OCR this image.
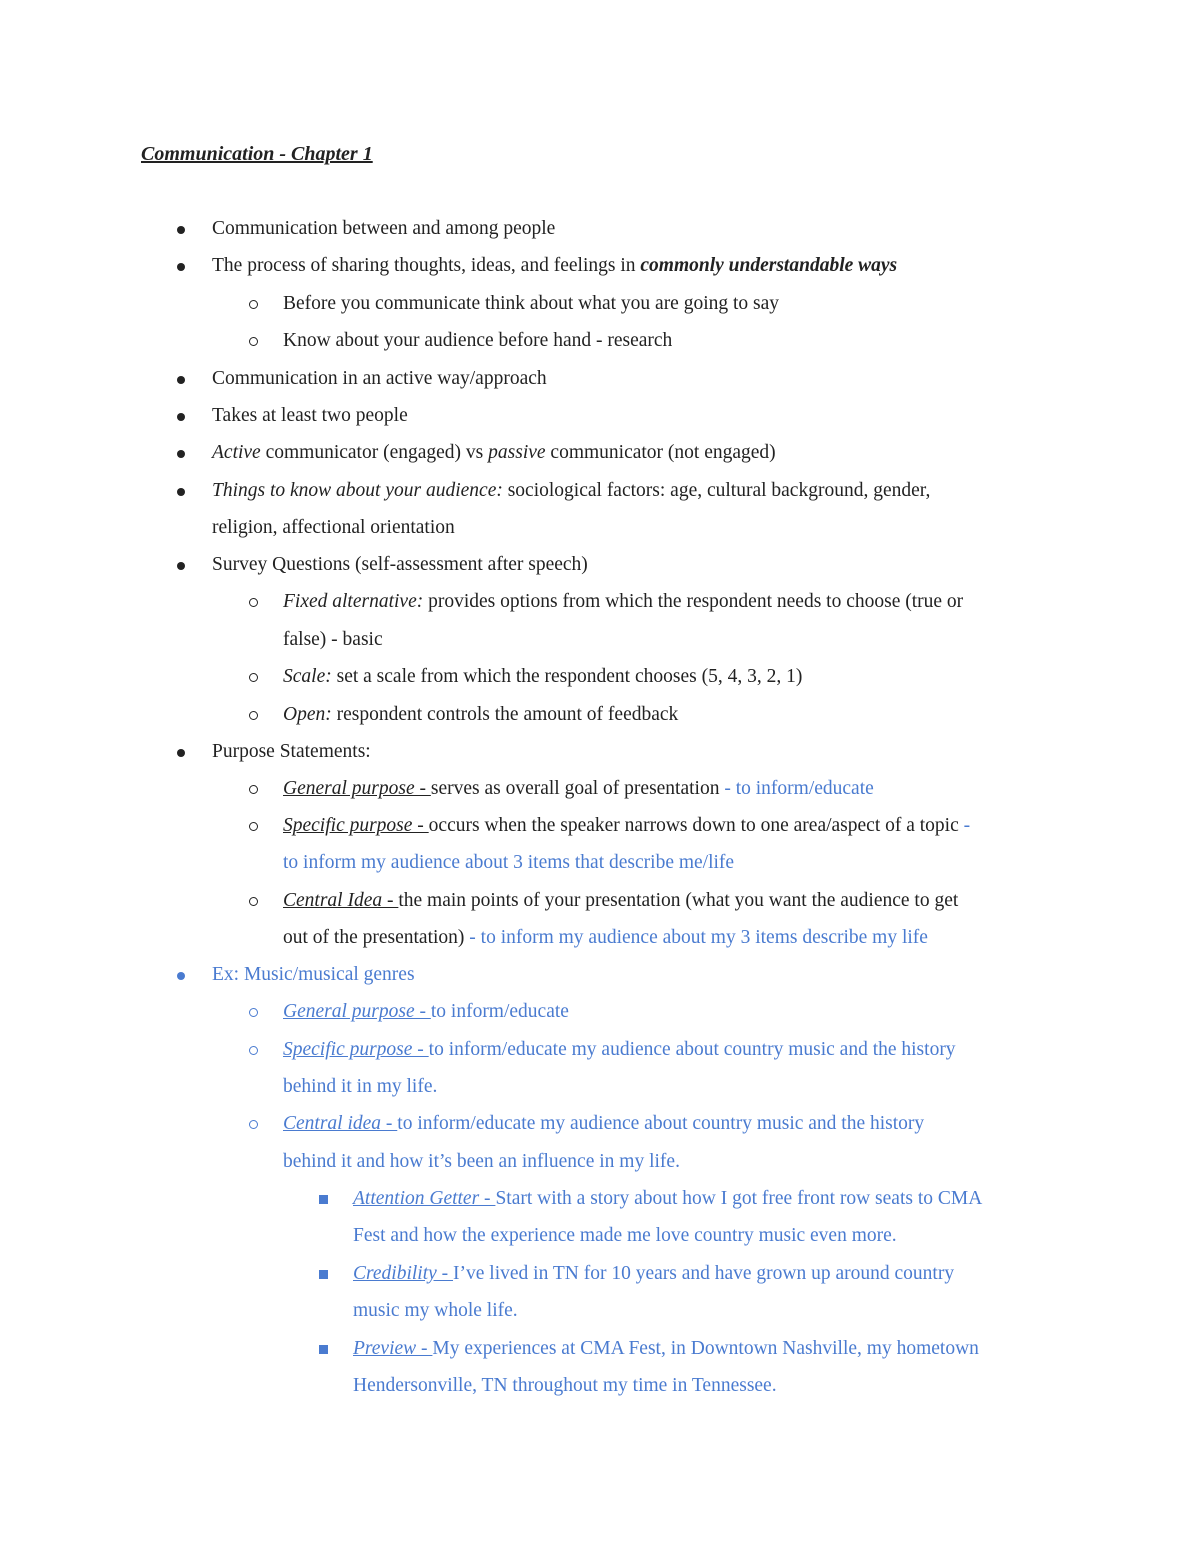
Communication - Chapter 1

Communication between and among people

The process of sharing thoughts, ideas, and feelings in commonly understandable ways

Before you communicate think about what you are going to say

Know about your audience before hand - research

Communication in an active way/approach

Takes at least two people

Active communicator (engaged) vs passive communicator (not engaged)

Things to know about your audience: sociological factors: age, cultural background, gender,

religion, affectional orientation

Survey Questions (self-assessment after speech)

Fixed alternative: provides options from which the respondent needs to choose (true or

false) - basic

Scale: set a scale from which the respondent chooses (5, 4, 3, 2, 1)

Open: respondent controls the amount of feedback

Purpose Statements:

General purpose - serves as overall goal of presentation - to inform/educate

Specific purpose - occurs when the speaker narrows down to one area/aspect of a topic -

to inform my audience about 3 items that describe me/life

Central Idea - the main points of your presentation (what you want the audience to get

out of the presentation) - to inform my audience about my 3 items describe my life

Ex: Music/musical genres

General purpose - to inform/educate

Specific purpose - to inform/educate my audience about country music and the history

behind it in my life.

Central idea - to inform/educate my audience about country music and the history

behind it and how it’s been an influence in my life.

Attention Getter - Start with a story about how I got free front row seats to CMA

Fest and how the experience made me love country music even more.

Credibility - I’ve lived in TN for 10 years and have grown up around country

music my whole life.

Preview - My experiences at CMA Fest, in Downtown Nashville, my hometown

Hendersonville, TN throughout my time in Tennessee.
